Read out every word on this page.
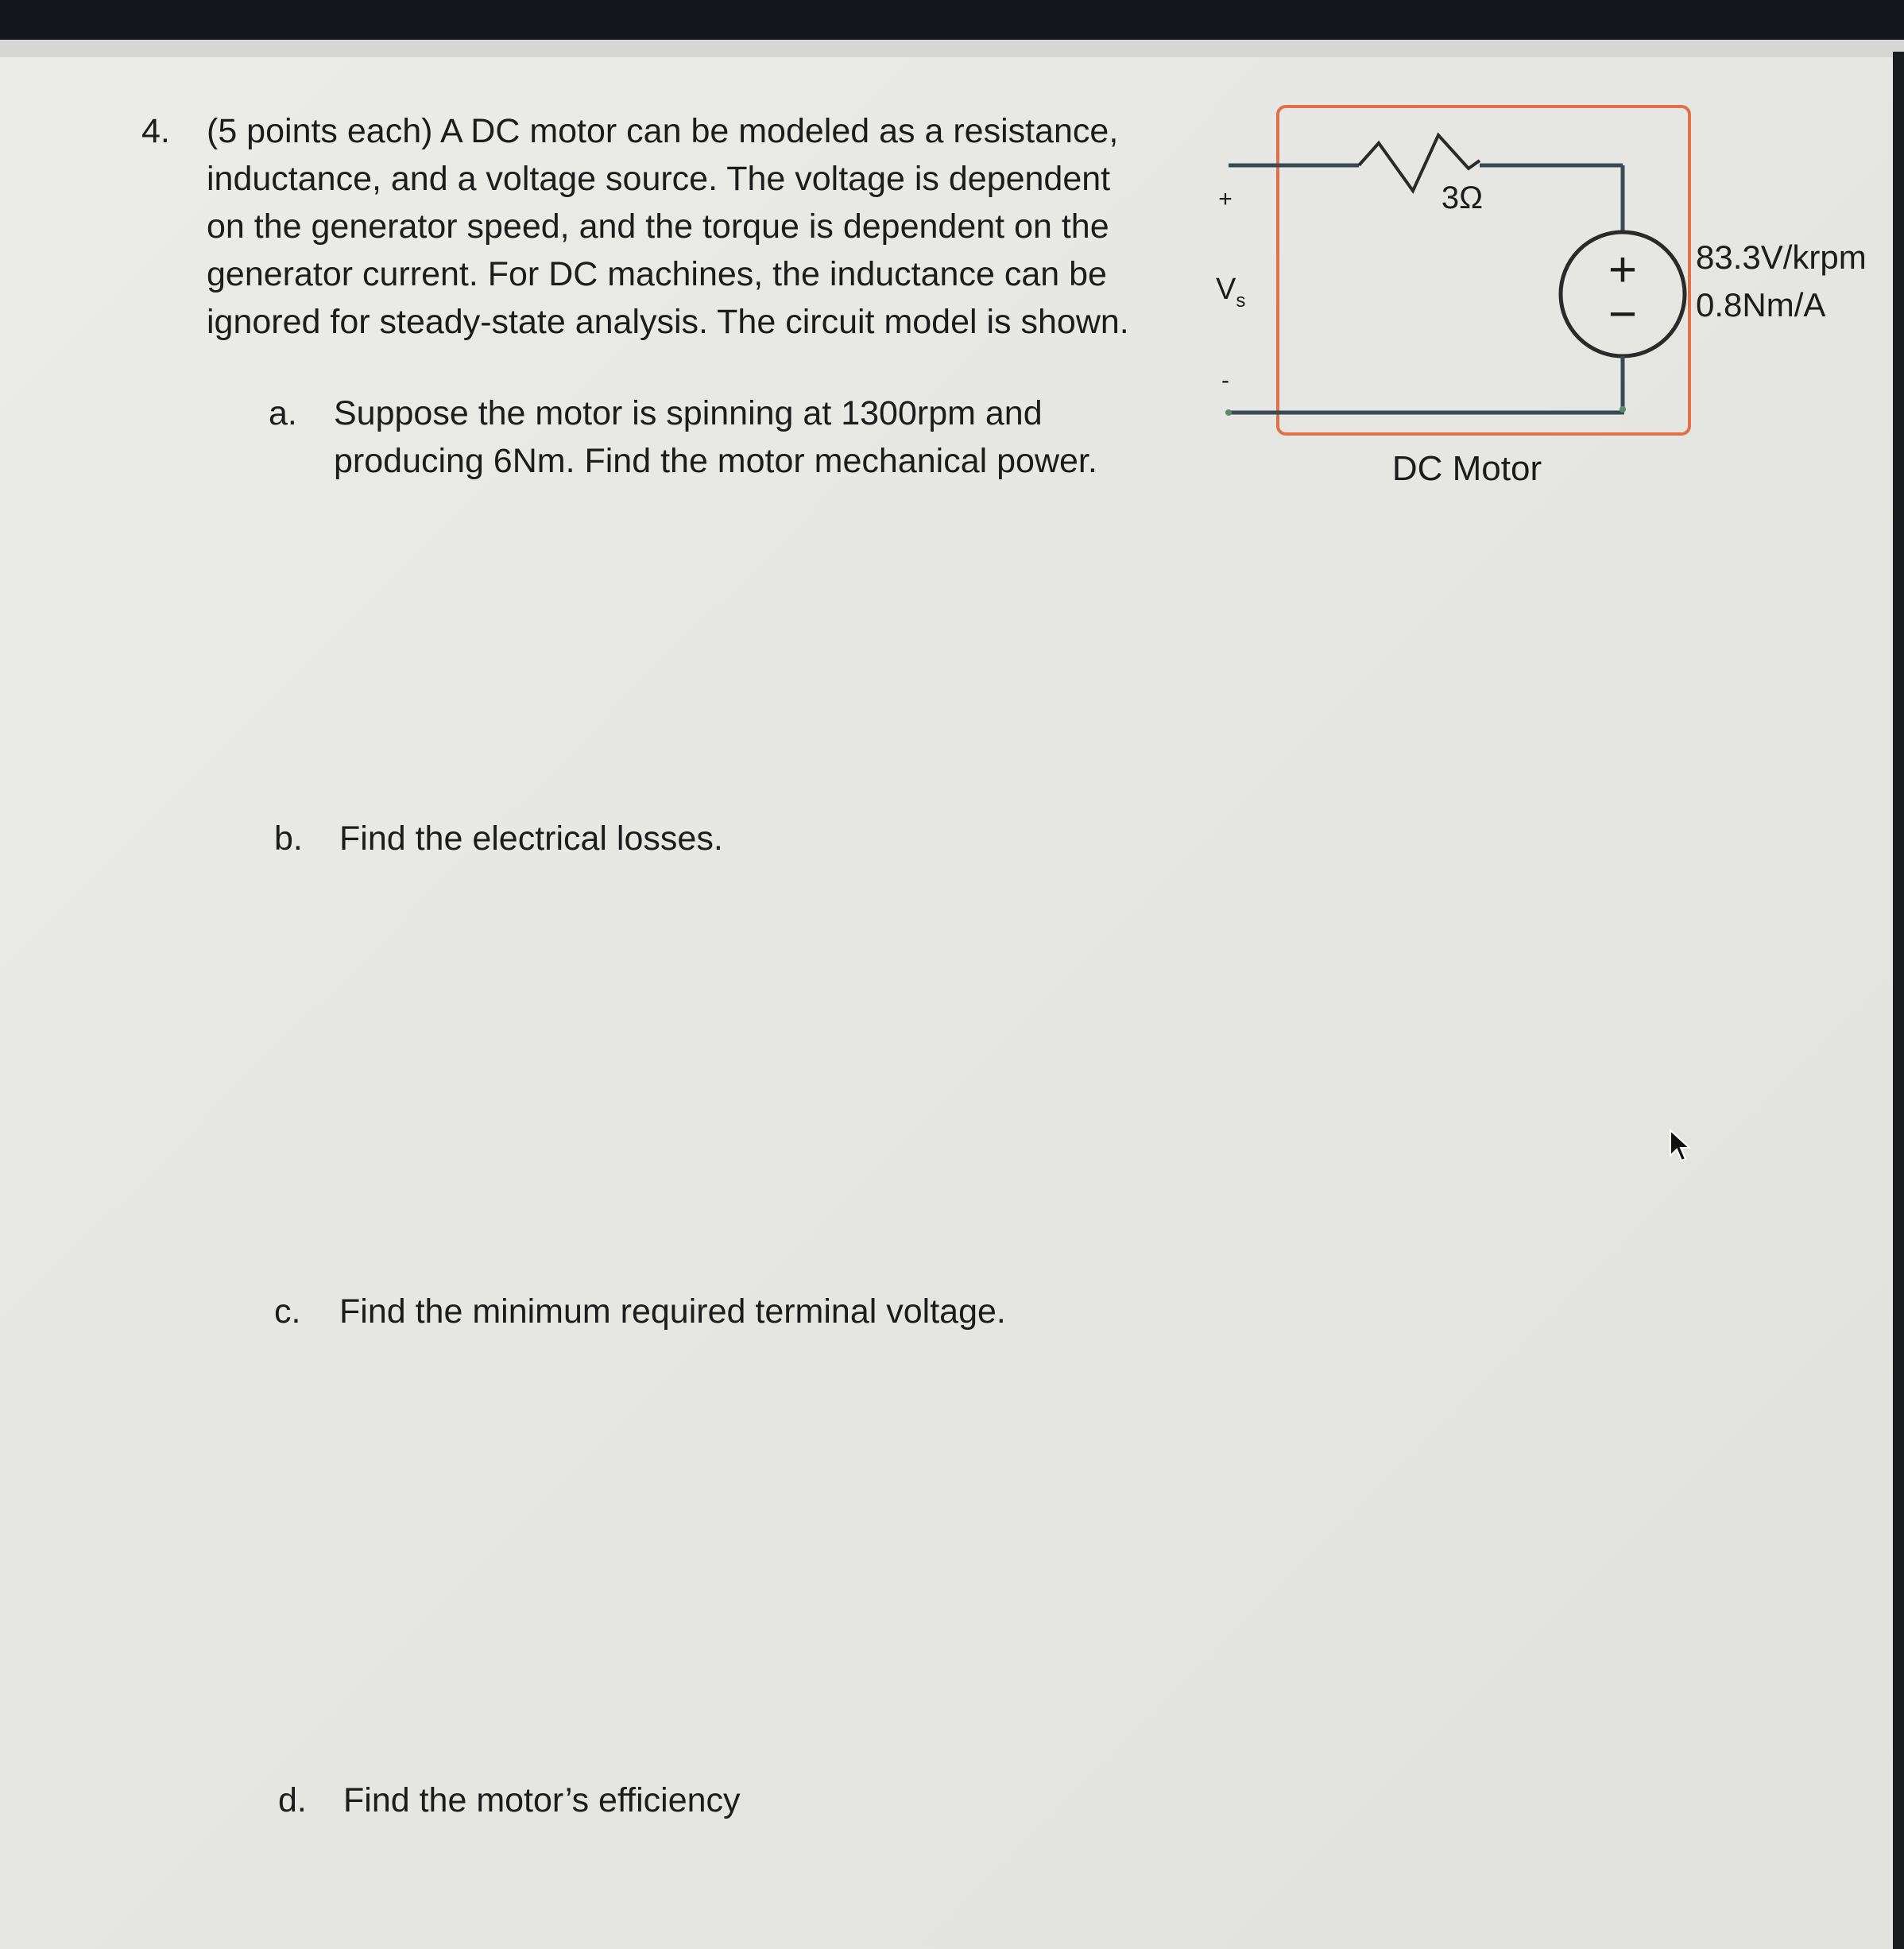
4. (5 points each) A DC motor can be modeled as a resistance,
inductance, and a voltage source. The voltage is dependent
on the generator speed, and the torque is dependent on the
generator current. For DC machines, the inductance can be
ignored for steady-state analysis. The circuit model is shown.
a. Suppose the motor is spinning at 1300rpm and
producing 6Nm. Find the motor mechanical power.
b. Find the electrical losses.
c. Find the minimum required terminal voltage.
d. Find the motor’s efficiency
+
−
+
-
$V_s$
3Ω
83.3V/krpm
0.8Nm/A
DC Motor
